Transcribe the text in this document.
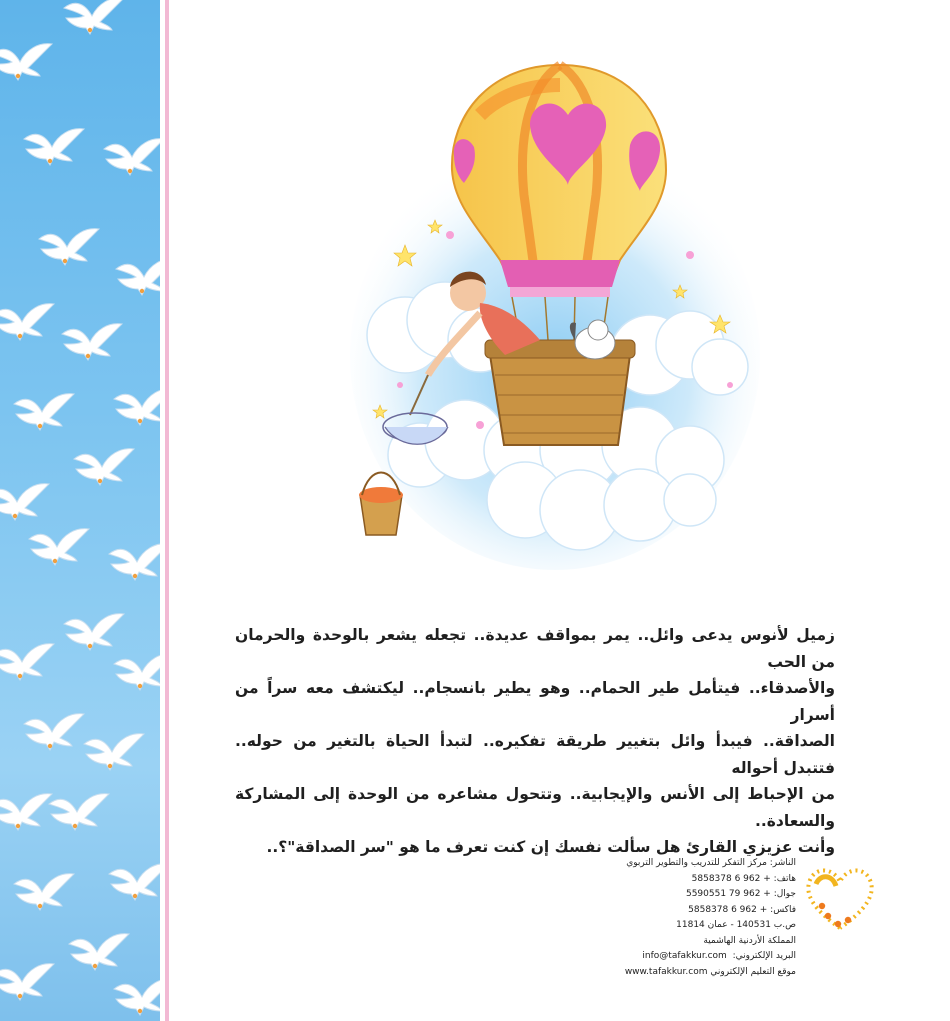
زميل لأنوس يدعى وائل.. يمر بمواقف عديدة.. تجعله يشعر بالوحدة والحرمان من الحب
والأصدقاء.. فيتأمل طير الحمام.. وهو يطير بانسجام.. ليكتشف معه سراً من أسرار
الصداقة.. فيبدأ وائل بتغيير طريقة تفكيره.. لتبدأ الحياة بالتغير من حوله.. فتتبدل أحواله
من الإحباط إلى الأنس والإيجابية.. وتتحول مشاعره من الوحدة إلى المشاركة والسعادة..
وأنت عزيزي القارئ هل سألت نفسك إن كنت تعرف ما هو "سر الصداقة"؟..
الناشر: مركز التفكر للتدريب والتطوير التربوي
هاتف: 5858378 6 962 +
جوال: 5590551 79 962 +
فاكس: 5858378 6 962 +
ص.ب 140531 - عمان 11814
المملكة الأردنية الهاشمية
البريد الإلكتروني:  info@tafakkur.com
موقع التعليم الإلكتروني www.tafakkur.com
